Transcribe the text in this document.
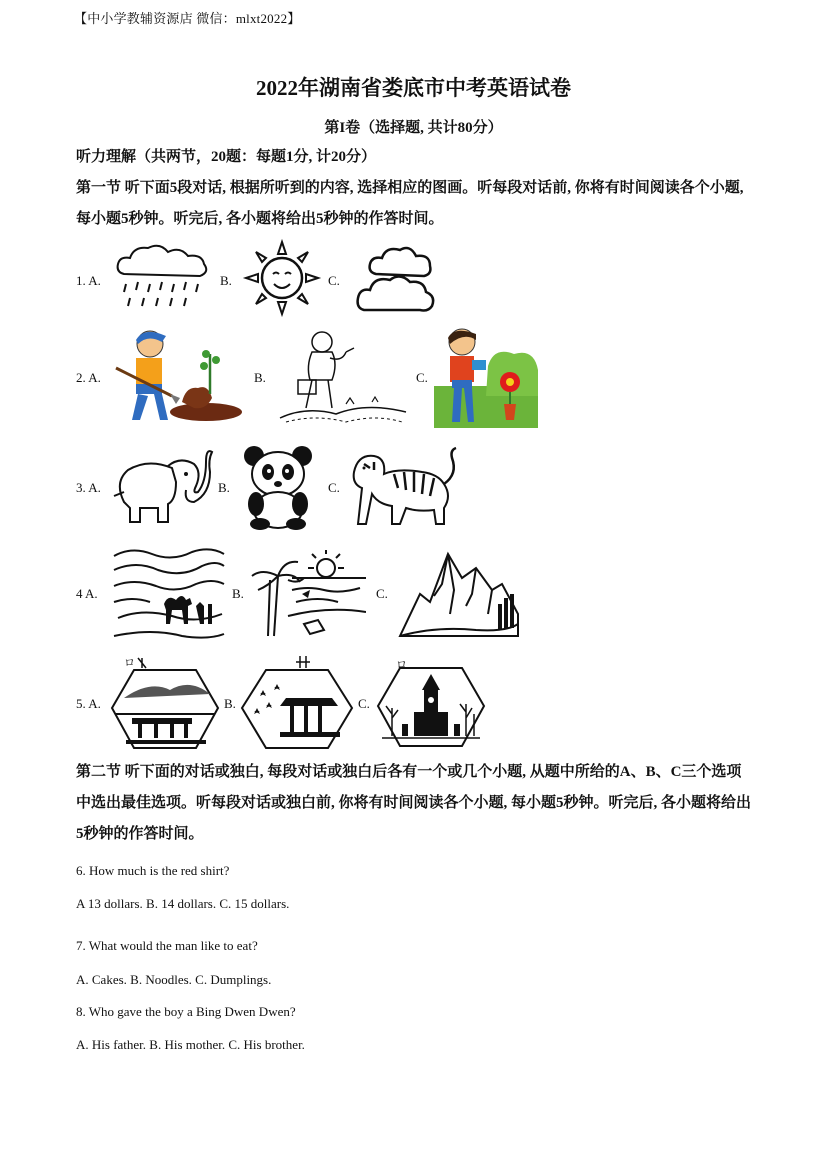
【中小学教辅资源店 微信：mlxt2022】
2022年湖南省娄底市中考英语试卷
第I卷（选择题, 共计80分）
听力理解（共两节，20题：每题1分, 计20分）
第一节 听下面5段对话, 根据所听到的内容, 选择相应的图画。听每段对话前, 你将有时间阅读各个小题, 每小题5秒钟。听完后, 各小题将给出5秒钟的作答时间。
1. A.	B.	C.
2. A.	B.	C.
3. A.	B.	C.
4 A.	B.	C.
5. A.
ロ
B.	C.
ロ
第二节 听下面的对话或独白, 每段对话或独白后各有一个或几个小题, 从题中所给的A、B、C三个选项中选出最佳选项。听每段对话或独白前, 你将有时间阅读各个小题, 每小题5秒钟。听完后, 各小题将给出5秒钟的作答时间。
6. How much is the red shirt?
A 13 dollars. B. 14 dollars. C. 15 dollars.
7. What would the man like to eat?
A. Cakes. B. Noodles. C. Dumplings.
8. Who gave the boy a Bing Dwen Dwen?
A. His father. B. His mother. C. His brother.
